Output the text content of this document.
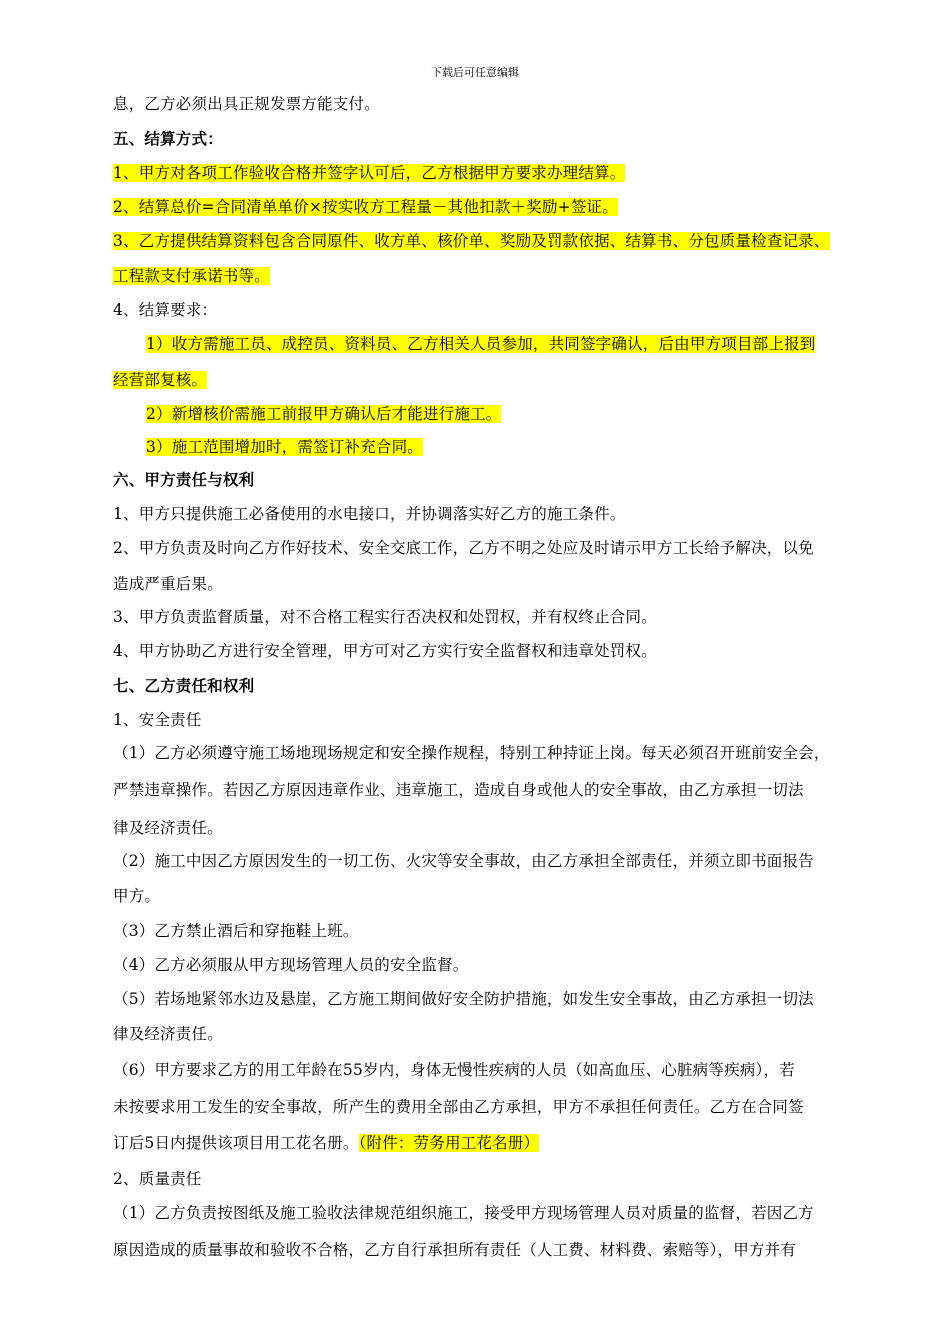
下载后可任意编辑
息，乙方必须出具正规发票方能支付。
五、结算方式：
1、甲方对各项工作验收合格并签字认可后，乙方根据甲方要求办理结算。
2、结算总价=合同清单单价×按实收方工程量－其他扣款＋奖励+签证。
3、乙方提供结算资料包含合同原件、收方单、核价单、奖励及罚款依据、结算书、分包质量检查记录、
工程款支付承诺书等。
4、结算要求：
1）收方需施工员、成控员、资料员、乙方相关人员参加，共同签字确认，后由甲方项目部上报到
经营部复核。
2）新增核价需施工前报甲方确认后才能进行施工。
3）施工范围增加时，需签订补充合同。
六、甲方责任与权利
1、甲方只提供施工必备使用的水电接口，并协调落实好乙方的施工条件。
2、甲方负责及时向乙方作好技术、安全交底工作，乙方不明之处应及时请示甲方工长给予解决，以免
造成严重后果。
3、甲方负责监督质量，对不合格工程实行否决权和处罚权，并有权终止合同。
4、甲方协助乙方进行安全管理，甲方可对乙方实行安全监督权和违章处罚权。
七、乙方责任和权利
1、安全责任
（1）乙方必须遵守施工场地现场规定和安全操作规程，特别工种持证上岗。每天必须召开班前安全会，
严禁违章操作。若因乙方原因违章作业、违章施工，造成自身或他人的安全事故，由乙方承担一切法
律及经济责任。
（2）施工中因乙方原因发生的一切工伤、火灾等安全事故，由乙方承担全部责任，并须立即书面报告
甲方。
（3）乙方禁止酒后和穿拖鞋上班。
（4）乙方必须服从甲方现场管理人员的安全监督。
（5）若场地紧邻水边及悬崖，乙方施工期间做好安全防护措施，如发生安全事故，由乙方承担一切法
律及经济责任。
（6）甲方要求乙方的用工年龄在55岁内，身体无慢性疾病的人员（如高血压、心脏病等疾病），若
未按要求用工发生的安全事故，所产生的费用全部由乙方承担，甲方不承担任何责任。乙方在合同签
订后5日内提供该项目用工花名册。（附件：劳务用工花名册）
2、质量责任
（1）乙方负责按图纸及施工验收法律规范组织施工，接受甲方现场管理人员对质量的监督，若因乙方
原因造成的质量事故和验收不合格，乙方自行承担所有责任（人工费、材料费、索赔等），甲方并有
